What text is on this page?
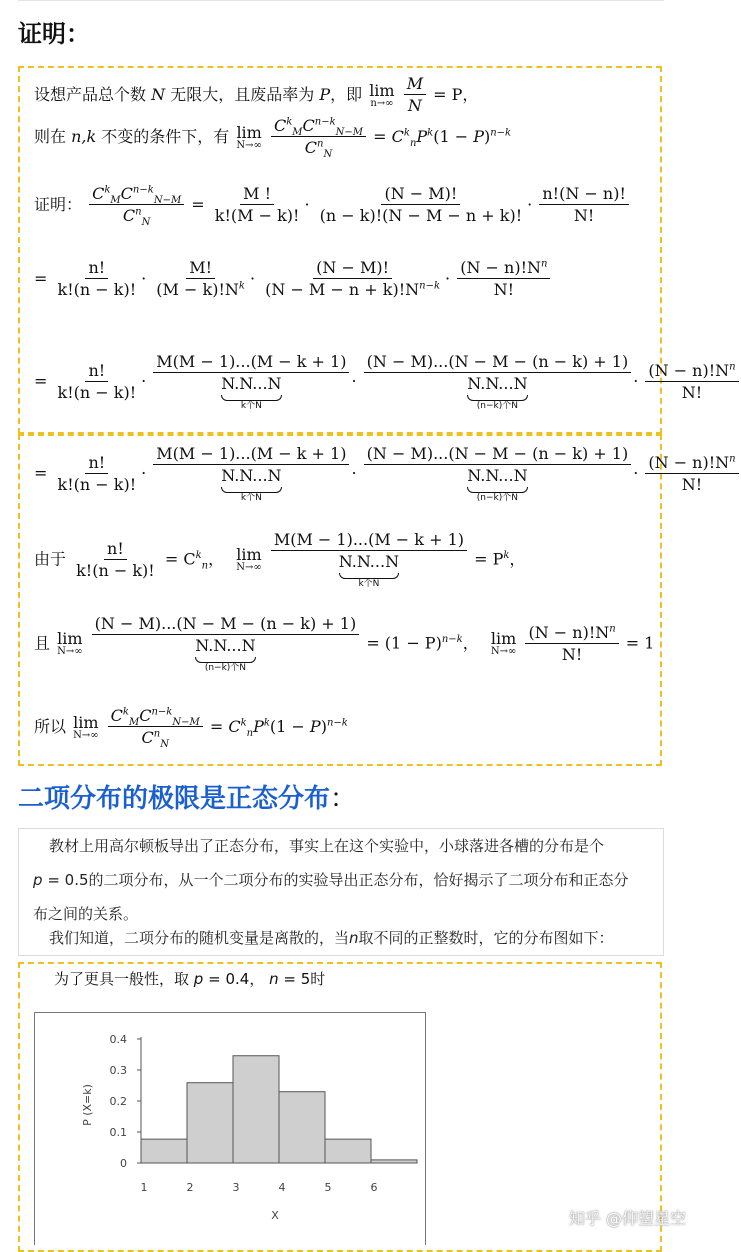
证明：
设想产品总个数 N 无限大，且废品率为 P，即 lim
n→∞
$\frac{M}{N} = P$，
则在 n,k 不变的条件下，有 lim
N→∞
$\frac{C^k_MC^{n-k}_{N-M}}{C^n_N} = C^k_nP^k(1 - P)^{n-k}$
证明： $\frac{C^k_MC^{n-k}_{N-M}}{C^n_N} = \frac{M !}{k!(M - k)!} \cdot \frac{(N - M)!}{(n - k)!(N - M - n + k)!} \cdot \frac{n!(N - n)!}{N!}$
= $\frac{n!}{k!(n - k)!} \cdot \frac{M!}{(M - k)!N^k} \cdot \frac{(N - M)!}{(N - M - n + k)!N^{n-k}} \cdot \frac{(N - n)!N^n}{N!}$
= $\frac{n!}{k!(n - k)!} \cdot M(M - 1)...(M - k + 1)$
N.N...N
k个N · (N − M)...(N − M − (n − k) + 1)
N.N...N
(n−k)个$N \cdot \frac{(N - n)!N^n}{N!}$
= $\frac{n!}{k!(n - k)!} \cdot M(M - 1)...(M - k + 1)$
N.N...N
k个N · (N − M)...(N − M − (n − k) + 1)
N.N...N
(n−k)个$N \cdot \frac{(N - n)!N^n}{N!}$
由于 $\frac{n!}{k!(n - k)!} = C^k_n$， lim
N→∞
M(M − 1)...(M − k + 1)
N.N...N
k个$N = P^k$，
且 lim
N→∞
(N − M)...(N − M − (n − k) + 1)
N.N...N
(n−k)个$N = (1 - P)^{n-k}$， lim
N→∞
$\frac{(N - n)!N^n}{N!} = 1$
所以 lim
N→∞
$\frac{C^k_MC^{n-k}_{N-M}}{C^n_N} = C^k_nP^k(1 - P)^{n-k}$
二项分布的极限是正态分布：
教材上用高尔顿板导出了正态分布，事实上在这个实验中，小球落进各槽的分布是个
p = 0.5的二项分布，从一个二项分布的实验导出正态分布，恰好揭示了二项分布和正态分
布之间的关系。
我们知道，二项分布的随机变量是离散的，当n取不同的正整数时，它的分布图如下：
为了更具一般性，取 p = 0.4， n = 5时
0
0.1
0.2
0.3
0.4
P (X=k)
1	2	3	4	5	6
X	知乎 @仰望星空
